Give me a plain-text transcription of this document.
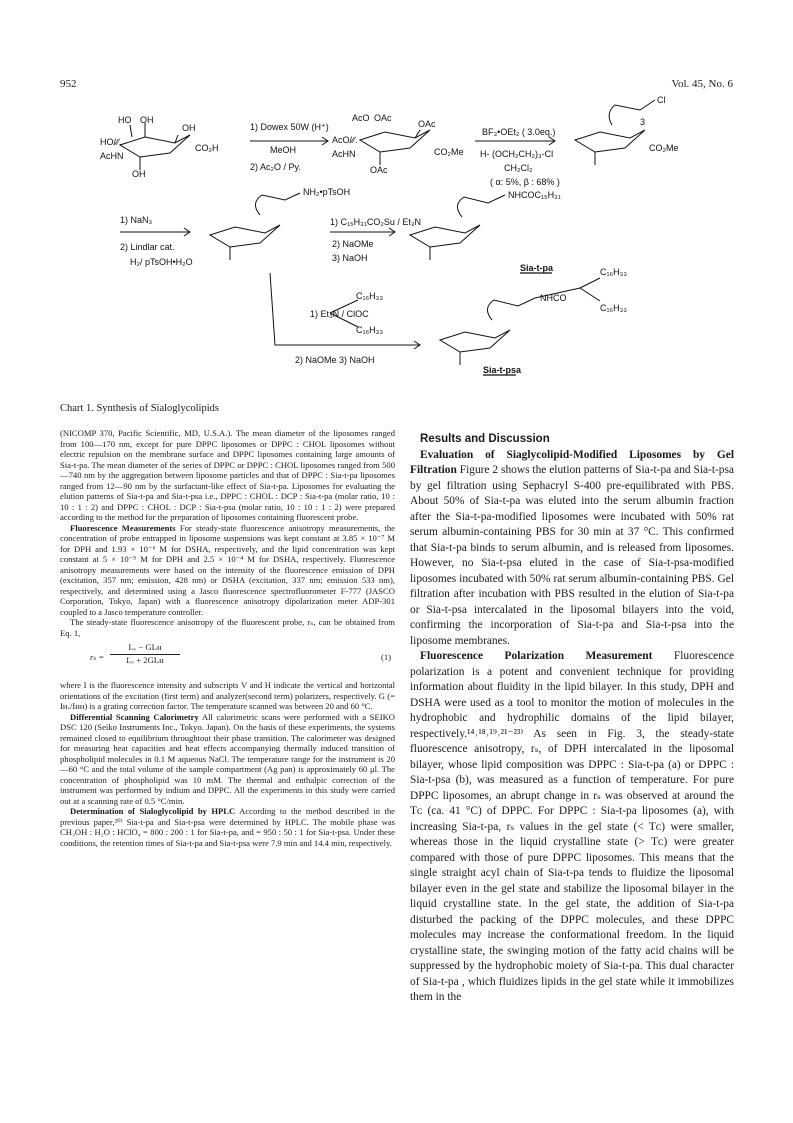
952	Vol. 45, No. 6
HO OH
OH
HO/∕∕.
CO₂H
AcHN
OH
1) Dowex 50W (H⁺)
MeOH
2) Ac₂O / Py.
AcO OAc
OAc
AcO/∕∕.
CO₂Me
AcHN
OAc
BF₃•OEt₂ ( 3.0eq.)
H- (OCH₂CH₂)₃-Cl
CH₂Cl₂
( α: 5%, β : 68% )
Cl
3
CO₂Me
1) NaN₃
2) Lindlar cat.
H₂/ pTsOH•H₂O
NH₂•pTsOH
1) C₁₅H₃₁CO₂Su / Et₃N
2) NaOMe
3) NaOH
NHCOC₁₅H₃₁
Sia-t-pa
1) Et₃N / ClOC
C₁₆H₃₃
C₁₆H₃₃
2) NaOMe 3) NaOH
NHCO
C₁₆H₃₃
C₁₆H₃₃
Sia-t-psa
Chart 1. Synthesis of Sialoglycolipids

(NICOMP 370, Pacific Scientific, MD, U.S.A.). The mean diameter of the liposomes ranged from 100—170 nm, except for pure DPPC liposomes or DPPC : CHOL liposomes without electric repulsion on the membrane surface and DPPC liposomes containing large amounts of Sia-t-pa. The mean diameter of the series of DPPC or DPPC : CHOL liposomes ranged from 500—740 nm by the aggregation between liposome particles and that of DPPC : Sia-t-pa liposomes ranged from 12—90 nm by the surfactant-like effect of Sia-t-pa. Liposomes for evaluating the elution patterns of Sia-t-pa and Sia-t-psa i.e., DPPC : CHOL : DCP : Sia-t-pa (molar ratio, 10 : 10 : 1 : 2) and DPPC : CHOL : DCP : Sia-t-psa (molar ratio, 10 : 10 : 1 : 2) were prepared according to the method for the preparation of liposomes containing fluorescent probe.

Fluorescence Measurements For steady-state fluorescence anisotropy measurements, the concentration of probe entrapped in liposome suspensions was kept constant at 3.85 × 10⁻⁷ M for DPH and 1.93 × 10⁻⁶ M for DSHA, respectively, and the lipid concentration was kept constant at 5 × 10⁻⁵ M for DPH and 2.5 × 10⁻⁴ M for DSHA, respectively. Fluorescence anisotropy measurements were based on the intensity of the fluorescence emission of DPH (excitation, 357 nm; emission, 428 nm) or DSHA (excitation, 337 nm; emission 533 nm), respectively, and determined using a Jasco fluorescence spectrofluorometer F-777 (JASCO Corporation, Tokyo, Japan) with a fluorescence anisotropy dipolarization meter ADP-301 coupled to a Jasco temperature controller.

The steady-state fluorescence anisotropy of the fluorescent probe, rₛ, can be obtained from Eq. 1,

rₛ =
Iᵥᵥ − GIᵥʜ
Iᵥᵥ + 2GIᵥʜ	(1)

where I is the fluorescence intensity and subscripts V and H indicate the vertical and horizontal orientations of the excitation (first term) and analyzer(second term) polarizers, respectively. G (= Iʜᵥ/Iʜʜ) is a grating correction factor. The temperature scanned was between 20 and 60 °C.

Differential Scanning Calorimetry All calorimetric scans were performed with a SEIKO DSC 120 (Seiko Instruments Inc., Tokyo. Japan). On the basis of these experiments, the systems remained closed to equilibrium throughtout their phase transition. The calorimeter was designed for measuring heat capacities and heat effects accompanying thermally induced transition of phospholipid molecules in 0.1 M aqueous NaCl. The temperature range for the instrument is 20—60 °C and the total volume of the sample compartment (Ag pan) is approximately 60 μl. The concentration of phospholipid was 10 mM. The thermal and enthalpic correction of the instrument was performed by indium and DPPC. All the experiments in this study were carried out at a scanning rate of 0.5 °C/min.

Determination of Sialoglycolipid by HPLC According to the method described in the previous paper,²⁰⁾ Sia-t-pa and Sia-t-psa were determined by HPLC. The mobile phase was CH₃OH : H₂O : HClO₄ = 800 : 200 : 1 for Sia-t-pa, and = 950 : 50 : 1 for Sia-t-psa. Under these conditions, the retention times of Sia-t-pa and Sia-t-psa were 7.9 min and 14.4 min, respectively.

Results and Discussion

Evaluation of Siaglycolipid-Modified Liposomes by Gel Filtration Figure 2 shows the elution patterns of Sia-t-pa and Sia-t-psa by gel filtration using Sephacryl S-400 pre-equilibrated with PBS. About 50% of Sia-t-pa was eluted into the serum albumin fraction after the Sia-t-pa-modified liposomes were incubated with 50% rat serum albumin-containing PBS for 30 min at 37 °C. This confirmed that Sia-t-pa binds to serum albumin, and is released from liposomes. However, no Sia-t-psa eluted in the case of Sia-t-psa-modified liposomes incubated with 50% rat serum albumin-containing PBS. Gel filtration after incubation with PBS resulted in the elution of Sia-t-pa or Sia-t-psa intercalated in the liposomal bilayers into the void, confirming the incorporation of Sia-t-pa and Sia-t-psa into the liposome membranes.

Fluorescence Polarization Measurement Fluorescence polarization is a potent and convenient technique for providing information about fluidity in the lipid bilayer. In this study, DPH and DSHA were used as a tool to monitor the motion of molecules in the hydrophobic and hydrophilic domains of the lipid bilayer, respectively.¹⁴˒¹⁸˒¹⁹˒²¹⁻²³⁾ As seen in Fig. 3, the steady-state fluorescence anisotropy, rₛ, of DPH intercalated in the liposomal bilayer, whose lipid composition was DPPC : Sia-t-pa (a) or DPPC : Sia-t-psa (b), was measured as a function of temperature. For pure DPPC liposomes, an abrupt change in rₛ was observed at around the Tᴄ (ca. 41 °C) of DPPC. For DPPC : Sia-t-pa liposomes (a), with increasing Sia-t-pa, rₛ values in the gel state (< Tᴄ) were smaller, whereas those in the liquid crystalline state (> Tᴄ) were greater compared with those of pure DPPC liposomes. This means that the single straight acyl chain of Sia-t-pa tends to fluidize the liposomal bilayer even in the gel state and stabilize the liposomal bilayer in the liquid crystalline state. In the gel state, the addition of Sia-t-pa disturbed the packing of the DPPC molecules, and these DPPC molecules may increase the conformational freedom. In the liquid crystalline state, the swinging motion of the fatty acid chains will be suppressed by the hydrophobic moiety of Sia-t-pa. This dual character of Sia-t-pa , which fluidizes lipids in the gel state while it immobilizes them in the
